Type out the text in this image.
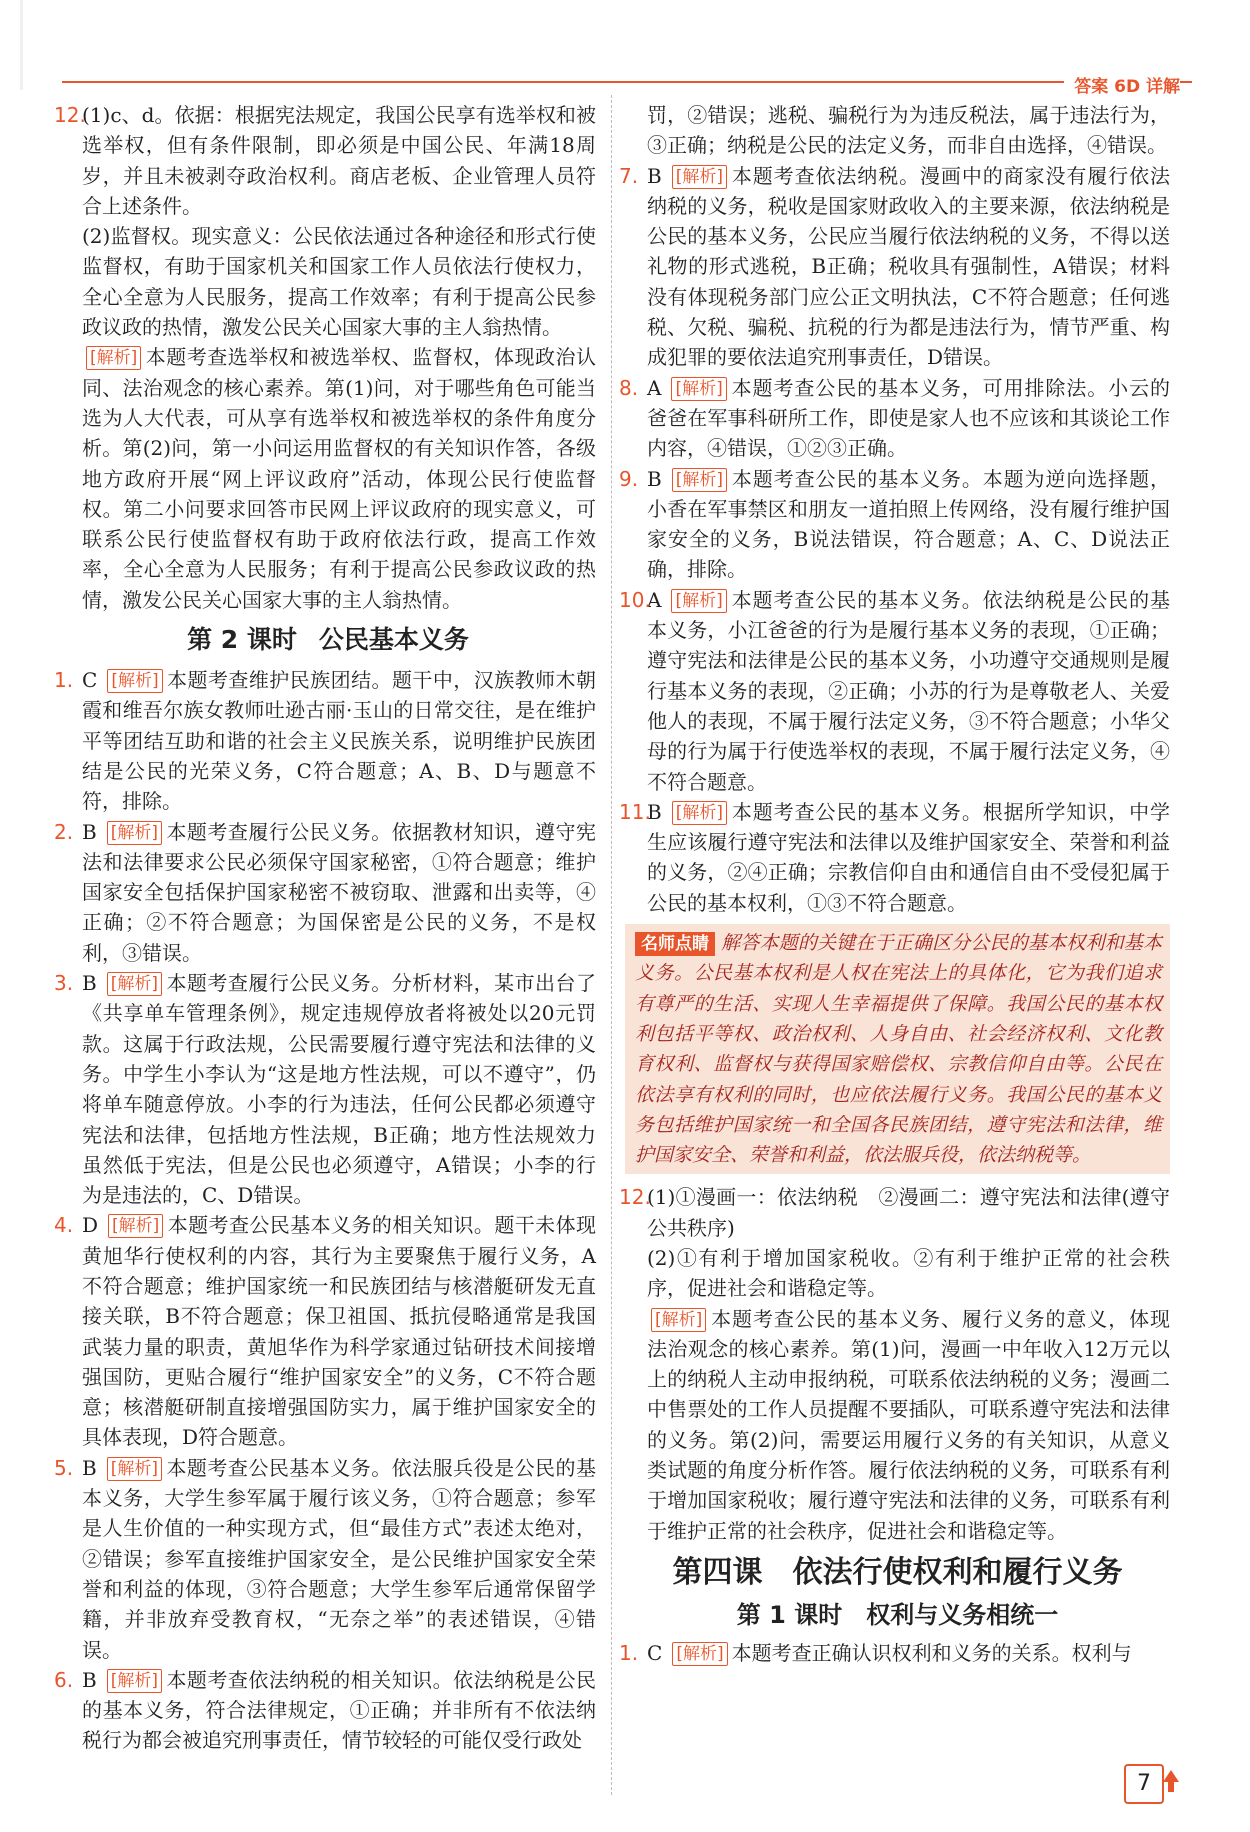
答案 6D 详解
12.
(1)c、d。依据：根据宪法规定，我国公民享有选举权和被选举权，但有条件限制，即必须是中国公民、年满18周岁，并且未被剥夺政治权利。商店老板、企业管理人员符合上述条件。
(2)监督权。现实意义：公民依法通过各种途径和形式行使监督权，有助于国家机关和国家工作人员依法行使权力，全心全意为人民服务，提高工作效率；有利于提高公民参政议政的热情，激发公民关心国家大事的主人翁热情。
[解析] 本题考查选举权和被选举权、监督权，体现政治认同、法治观念的核心素养。第(1)问，对于哪些角色可能当选为人大代表，可从享有选举权和被选举权的条件角度分析。第(2)问，第一小问运用监督权的有关知识作答，各级地方政府开展“网上评议政府”活动，体现公民行使监督权。第二小问要求回答市民网上评议政府的现实意义，可联系公民行使监督权有助于政府依法行政，提高工作效率，全心全意为人民服务；有利于提高公民参政议政的热情，激发公民关心国家大事的主人翁热情。
第 2 课时 公民基本义务
1. C [解析] 本题考查维护民族团结。题干中，汉族教师木朝霞和维吾尔族女教师吐逊古丽·玉山的日常交往，是在维护平等团结互助和谐的社会主义民族关系，说明维护民族团结是公民的光荣义务，C符合题意；A、B、D与题意不符，排除。
2. B [解析] 本题考查履行公民义务。依据教材知识，遵守宪法和法律要求公民必须保守国家秘密，①符合题意；维护国家安全包括保护国家秘密不被窃取、泄露和出卖等，④正确；②不符合题意；为国保密是公民的义务，不是权利，③错误。
3. B [解析] 本题考查履行公民义务。分析材料，某市出台了《共享单车管理条例》，规定违规停放者将被处以20元罚款。这属于行政法规，公民需要履行遵守宪法和法律的义务。中学生小李认为“这是地方性法规，可以不遵守”，仍将单车随意停放。小李的行为违法，任何公民都必须遵守宪法和法律，包括地方性法规，B正确；地方性法规效力虽然低于宪法，但是公民也必须遵守，A错误；小李的行为是违法的，C、D错误。
4. D [解析] 本题考查公民基本义务的相关知识。题干未体现黄旭华行使权利的内容，其行为主要聚焦于履行义务，A不符合题意；维护国家统一和民族团结与核潜艇研发无直接关联，B不符合题意；保卫祖国、抵抗侵略通常是我国武装力量的职责，黄旭华作为科学家通过钻研技术间接增强国防，更贴合履行“维护国家安全”的义务，C不符合题意；核潜艇研制直接增强国防实力，属于维护国家安全的具体表现，D符合题意。
5. B [解析] 本题考查公民基本义务。依法服兵役是公民的基本义务，大学生参军属于履行该义务，①符合题意；参军是人生价值的一种实现方式，但“最佳方式”表述太绝对，②错误；参军直接维护国家安全，是公民维护国家安全荣誉和利益的体现，③符合题意；大学生参军后通常保留学籍，并非放弃受教育权，“无奈之举”的表述错误，④错误。
6. B [解析] 本题考查依法纳税的相关知识。依法纳税是公民的基本义务，符合法律规定，①正确；并非所有不依法纳税行为都会被追究刑事责任，情节较轻的可能仅受行政处
罚，②错误；逃税、骗税行为为违反税法，属于违法行为，③正确；纳税是公民的法定义务，而非自由选择，④错误。
7. B [解析] 本题考查依法纳税。漫画中的商家没有履行依法纳税的义务，税收是国家财政收入的主要来源，依法纳税是公民的基本义务，公民应当履行依法纳税的义务，不得以送礼物的形式逃税，B正确；税收具有强制性，A错误；材料没有体现税务部门应公正文明执法，C不符合题意；任何逃税、欠税、骗税、抗税的行为都是违法行为，情节严重、构成犯罪的要依法追究刑事责任，D错误。
8. A [解析] 本题考查公民的基本义务，可用排除法。小云的爸爸在军事科研所工作，即使是家人也不应该和其谈论工作内容，④错误，①②③正确。
9. B [解析] 本题考查公民的基本义务。本题为逆向选择题，小香在军事禁区和朋友一道拍照上传网络，没有履行维护国家安全的义务，B说法错误，符合题意；A、C、D说法正确，排除。
10.
A [解析] 本题考查公民的基本义务。依法纳税是公民的基本义务，小江爸爸的行为是履行基本义务的表现，①正确；遵守宪法和法律是公民的基本义务，小功遵守交通规则是履行基本义务的表现，②正确；小苏的行为是尊敬老人、关爱他人的表现，不属于履行法定义务，③不符合题意；小华父母的行为属于行使选举权的表现，不属于履行法定义务，④不符合题意。
11.
B [解析] 本题考查公民的基本义务。根据所学知识，中学生应该履行遵守宪法和法律以及维护国家安全、荣誉和利益的义务，②④正确；宗教信仰自由和通信自由不受侵犯属于公民的基本权利，①③不符合题意。
名师点睛 解答本题的关键在于正确区分公民的基本权利和基本义务。公民基本权利是人权在宪法上的具体化，它为我们追求有尊严的生活、实现人生幸福提供了保障。我国公民的基本权利包括平等权、政治权利、人身自由、社会经济权利、文化教育权利、监督权与获得国家赔偿权、宗教信仰自由等。公民在依法享有权利的同时，也应依法履行义务。我国公民的基本义务包括维护国家统一和全国各民族团结，遵守宪法和法律，维护国家安全、荣誉和利益，依法服兵役，依法纳税等。
12.
(1)①漫画一：依法纳税　②漫画二：遵守宪法和法律(遵守公共秩序)
(2)①有利于增加国家税收。②有利于维护正常的社会秩序，促进社会和谐稳定等。
[解析] 本题考查公民的基本义务、履行义务的意义，体现法治观念的核心素养。第(1)问，漫画一中年收入12万元以上的纳税人主动申报纳税，可联系依法纳税的义务；漫画二中售票处的工作人员提醒不要插队，可联系遵守宪法和法律的义务。第(2)问，需要运用履行义务的有关知识，从意义类试题的角度分析作答。履行依法纳税的义务，可联系有利于增加国家税收；履行遵守宪法和法律的义务，可联系有利于维护正常的社会秩序，促进社会和谐稳定等。
第四课　依法行使权利和履行义务
第 1 课时　权利与义务相统一
1. C [解析] 本题考查正确认识权利和义务的关系。权利与
7
